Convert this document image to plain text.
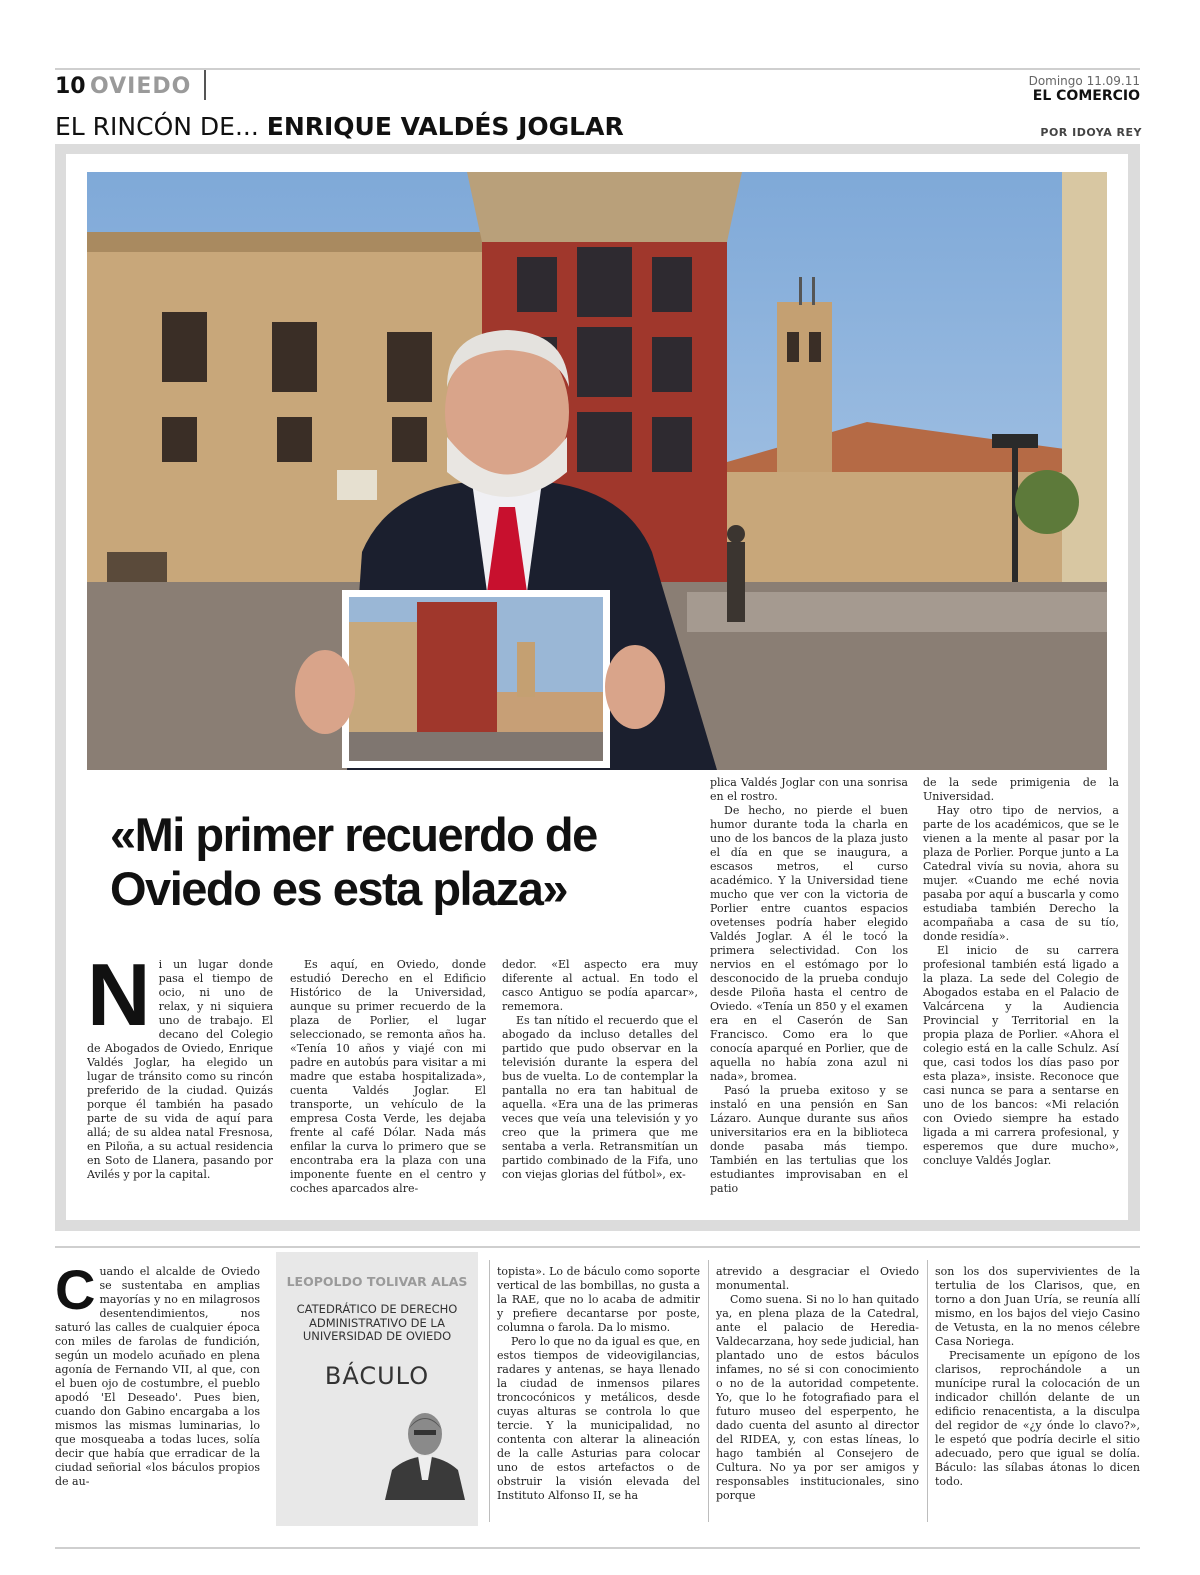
10 OVIEDO	Domingo 11.09.11
EL COMERCIO
EL RINCÓN DE... ENRIQUE VALDÉS JOGLAR	POR IDOYA REY
«Mi primer recuerdo de Oviedo es esta plaza»
N i un lugar donde pasa el tiempo de ocio, ni uno de relax, y ni siquiera uno de trabajo. El decano del Colegio de Abogados de Oviedo, Enrique Valdés Joglar, ha elegido un lugar de tránsito como su rincón preferido de la ciudad. Quizás porque él también ha pasado parte de su vida de aquí para allá; de su aldea natal Fresnosa, en Piloña, a su actual residencia en Soto de Llanera, pasando por Avilés y por la capital.

Es aquí, en Oviedo, donde estudió Derecho en el Edificio Histórico de la Universidad, aunque su primer recuerdo de la plaza de Porlier, el lugar seleccionado, se remonta años ha. «Tenía 10 años y viajé con mi padre en autobús para visitar a mi madre que estaba hospitalizada», cuenta Valdés Joglar. El transporte, un vehículo de la empresa Costa Verde, les dejaba frente al café Dólar. Nada más enfilar la curva lo primero que se encontraba era la plaza con una imponente fuente en el centro y coches aparcados alre-

dedor. «El aspecto era muy diferente al actual. En todo el casco Antiguo se podía aparcar», rememora.

Es tan nítido el recuerdo que el abogado da incluso detalles del partido que pudo observar en la televisión durante la espera del bus de vuelta. Lo de contemplar la pantalla no era tan habitual de aquella. «Era una de las primeras veces que veía una televisión y yo creo que la primera que me sentaba a verla. Retransmitían un partido combinado de la Fifa, uno con viejas glorias del fútbol», ex-

plica Valdés Joglar con una sonrisa en el rostro.

De hecho, no pierde el buen humor durante toda la charla en uno de los bancos de la plaza justo el día en que se inaugura, a escasos metros, el curso académico. Y la Universidad tiene mucho que ver con la victoria de Porlier entre cuantos espacios ovetenses podría haber elegido Valdés Joglar. A él le tocó la primera selectividad. Con los nervios en el estómago por lo desconocido de la prueba condujo desde Piloña hasta el centro de Oviedo. «Tenía un 850 y el examen era en el Caserón de San Francisco. Como era lo que conocía aparqué en Porlier, que de aquella no había zona azul ni nada», bromea.

Pasó la prueba exitoso y se instaló en una pensión en San Lázaro. Aunque durante sus años universitarios era en la biblioteca donde pasaba más tiempo. También en las tertulias que los estudiantes improvisaban en el patio

de la sede primigenia de la Universidad.

Hay otro tipo de nervios, a parte de los académicos, que se le vienen a la mente al pasar por la plaza de Porlier. Porque junto a La Catedral vivía su novia, ahora su mujer. «Cuando me eché novia pasaba por aquí a buscarla y como estudiaba también Derecho la acompañaba a casa de su tío, donde residía».

El inicio de su carrera profesional también está ligado a la plaza. La sede del Colegio de Abogados estaba en el Palacio de Valcárcena y la Audiencia Provincial y Territorial en la propia plaza de Porlier. «Ahora el colegio está en la calle Schulz. Así que, casi todos los días paso por esta plaza», insiste. Reconoce que casi nunca se para a sentarse en uno de los bancos: «Mi relación con Oviedo siempre ha estado ligada a mi carrera profesional, y esperemos que dure mucho», concluye Valdés Joglar.

C uando el alcalde de Oviedo se sustentaba en amplias mayorías y no en milagrosos desentendimientos, nos saturó las calles de cualquier época con miles de farolas de fundición, según un modelo acuñado en plena agonía de Fernando VII, al que, con el buen ojo de costumbre, el pueblo apodó 'El Deseado'. Pues bien, cuando don Gabino encargaba a los mismos las mismas luminarias, lo que mosqueaba a todas luces, solía decir que había que erradicar de la ciudad señorial «los báculos propios de au-

LEOPOLDO TOLIVAR ALAS
CATEDRÁTICO DE DERECHO ADMINISTRATIVO DE LA UNIVERSIDAD DE OVIEDO
BÁCULO

topista». Lo de báculo como soporte vertical de las bombillas, no gusta a la RAE, que no lo acaba de admitir y prefiere decantarse por poste, columna o farola. Da lo mismo.

Pero lo que no da igual es que, en estos tiempos de videovigilancias, radares y antenas, se haya llenado la ciudad de inmensos pilares troncocónicos y metálicos, desde cuyas alturas se controla lo que tercie. Y la municipalidad, no contenta con alterar la alineación de la calle Asturias para colocar uno de estos artefactos o de obstruir la visión elevada del Instituto Alfonso II, se ha

atrevido a desgraciar el Oviedo monumental.

Como suena. Si no lo han quitado ya, en plena plaza de la Catedral, ante el palacio de Heredia-Valdecarzana, hoy sede judicial, han plantado uno de estos báculos infames, no sé si con conocimiento o no de la autoridad competente. Yo, que lo he fotografiado para el futuro museo del esperpento, he dado cuenta del asunto al director del RIDEA, y, con estas líneas, lo hago también al Consejero de Cultura. No ya por ser amigos y responsables institucionales, sino porque

son los dos supervivientes de la tertulia de los Clarisos, que, en torno a don Juan Uría, se reunía allí mismo, en los bajos del viejo Casino de Vetusta, en la no menos célebre Casa Noriega.

Precisamente un epígono de los clarisos, reprochándole a un munícipe rural la colocación de un indicador chillón delante de un edificio renacentista, a la disculpa del regidor de «¿y ónde lo clavo?», le espetó que podría decirle el sitio adecuado, pero que igual se dolía. Báculo: las sílabas átonas lo dicen todo.
